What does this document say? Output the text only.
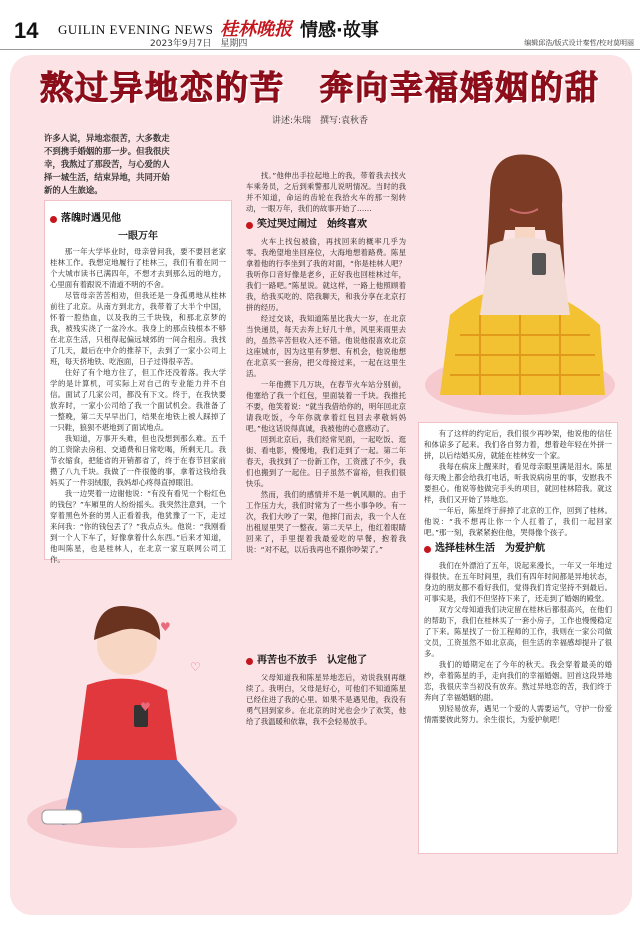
14 GUILIN EVENING NEWS
2023年9月7日　星期四
桂林晚报 情感·故事
编辑邱浩/版式设计秦哲/校对莫明丽
熬过异地恋的苦　奔向幸福婚姻的甜
讲述:朱瑞　撰写:袁秋香
许多人说，异地恋很苦，大多数走不到携手婚姻的那一步。但我很庆幸，我熬过了那段苦，与心爱的人择一城生活，结束异地，共同开始新的人生旅途。
落魄时遇见他
一眼万年

那一年大学毕业时，母亲曾问我，要不要回老家桂林工作。我想定地履行了桂林三，我们有着在同一个大城市读书已满四年，不想才去到那么远的地方，心里面有着跟说不清道不明的不舍。

尽管母亲苦苦相劝，但我还是一身孤勇地从桂林前往了北京。从南方到北方，我带着了大半个中国，怀着一腔热血，以及我的三千块钱，和那北京梦的我，被残实浇了一盆冷水。我身上的那点钱根本不够在北京生活，只租得起偏远城郊的一间合租房。我找了几天，最后在中介的推荐下，去到了一家小公司上班，每天挤地铁、吃泡面，日子过得很辛苦。

住好了有个地方住了，但工作还没着落。我大学学的是计算机，可实际上对自己的专业能力并不自信。面试了几家公司，都没有下文。终于，在我快要放弃时，一家小公司给了我一个面试机会。我准备了一整晚，第二天早早出门，结果在地铁上被人踩掉了一只鞋，狼狈不堪地到了面试地点。

我知道，万事开头难，但也没想到那么难。五千的工资除去房租、交通费和日常吃喝，所剩无几。我节衣缩食，把能省的开销都省了，终于在春节回家前攒了八九千块。我做了一件很傻的事，拿着这钱给我妈买了一件羽绒服，我妈却心疼得直掉眼泪。

我一边哭着一边谢他说：“有没有看见一个粉红色的钱包？”车厢里的人纷纷摇头。我突然注意到，一个穿着黑色外套的男人正看着我，他犹豫了一下，走过来问我：“你的钱包丢了？”我点点头。他说：“我刚看到一个人下车了，好像拿着什么东西。”后来才知道，他叫陈星，也是桂林人，在北京一家互联网公司工作。

找。”他伸出手拉起地上的我，带着我去找火车乘务员，之后到乘警那儿说明情况。当时的我并不知道，命运的齿轮在我拾火车的那一刻转动，一眼万年，我们的故事开始了……

笑过哭过闹过　始终喜欢

火车上找包被偷，再找回来的概率几乎为零。我绝望地坐回座位，大海地想着路费。陈星拿着他的行李坐到了我的对面，“你是桂林人吧？我听你口音好像是老乡，正好我也回桂林过年，我们一路吧。”陈星说。就这样，一路上他照顾着我，给我买吃的、陪我聊天，和我分享在北京打拼的经历。

经过交谈，我知道陈星比我大一岁，在北京当快递员，每天去奔上好几十单，风里来雨里去的，虽然辛苦但收入还不错。他说他很喜欢北京这座城市，因为这里有梦想、有机会，他说他想在北京买一套房，把父母接过来，一起在这里生活。

一年他攒下几万块，在春节火车站分别前，他塞给了我一个红包，里面装着一千块。我推托不要，他笑着说：“就当我借给你的，明年回北京请我吃饭，今年你就拿着红包回去孝敬妈妈吧。”他这话说得真诚，我被他的心意感动了。

回到北京后，我们经常见面，一起吃饭、逛街、看电影，慢慢地，我们走到了一起。第二年春天，我找到了一份新工作，工资涨了不少，我们也搬到了一起住。日子虽然不富裕，但我们很快乐。

然而，我们的感情并不是一帆风顺的。由于工作压力大，我们时常为了一些小事争吵。有一次，我们大吵了一架，他摔门而去，我一个人在出租屋里哭了一整夜。第二天早上，他红着眼睛回来了，手里提着我最爱吃的早餐，抱着我说：“对不起，以后我再也不跟你吵架了。”

再苦也不放手　认定他了

父母知道我和陈星异地恋后，劝说我别再继续了。我明白，父母是好心，可他们不知道陈星已经住进了我的心里。如果不是遇见他，我没有勇气回到家乡。在北京的时光也会少了欢笑，他给了我温暖和依靠，我不会轻易放手。

有了这样的约定后，我们很少再吵架，他说他的信任和体谅多了起来。我们各自努力着，想着趁年轻在外拼一拼，以后结婚买房，就能在桂林安一个家。

我每在病床上醒来时，看见母亲眼里满是泪水。陈星每天晚上都会给我打电话，听我说病房里的事，安慰我不要担心。他说等他做完手头的项目，就回桂林陪我。就这样，我们又开始了异地恋。

一年后，陈星终于辞掉了北京的工作，回到了桂林。他说：“我不想再让你一个人扛着了，我们一起回家吧。”那一刻，我紧紧抱住他，哭得像个孩子。

选择桂林生活　为爱护航

我们在外漂泊了五年，说起来漫长，一年又一年地过得很快。在五年时间里，我们有四年时间都是异地状态，身边的朋友都不看好我们，觉得我们肯定坚持不到最后。可事实是，我们不但坚持下来了，还走到了婚姻的殿堂。

双方父母知道我们决定留在桂林后都很高兴，在他们的帮助下，我们在桂林买了一套小房子，工作也慢慢稳定了下来。陈星找了一份工程师的工作，我则在一家公司做文员，工资虽然不如北京高，但生活的幸福感却提升了很多。

我们的婚期定在了今年的秋天。我会穿着最美的婚纱，牵着陈星的手，走向我们的幸福婚姻。回首这段异地恋，我很庆幸当初没有放弃。熬过异地恋的苦，我们终于奔向了幸福婚姻的甜。

别轻易放弃，遇见一个爱的人需要运气，守护一份爱情需要彼此努力。余生很长，为爱护航吧！

♥
♡
♥
